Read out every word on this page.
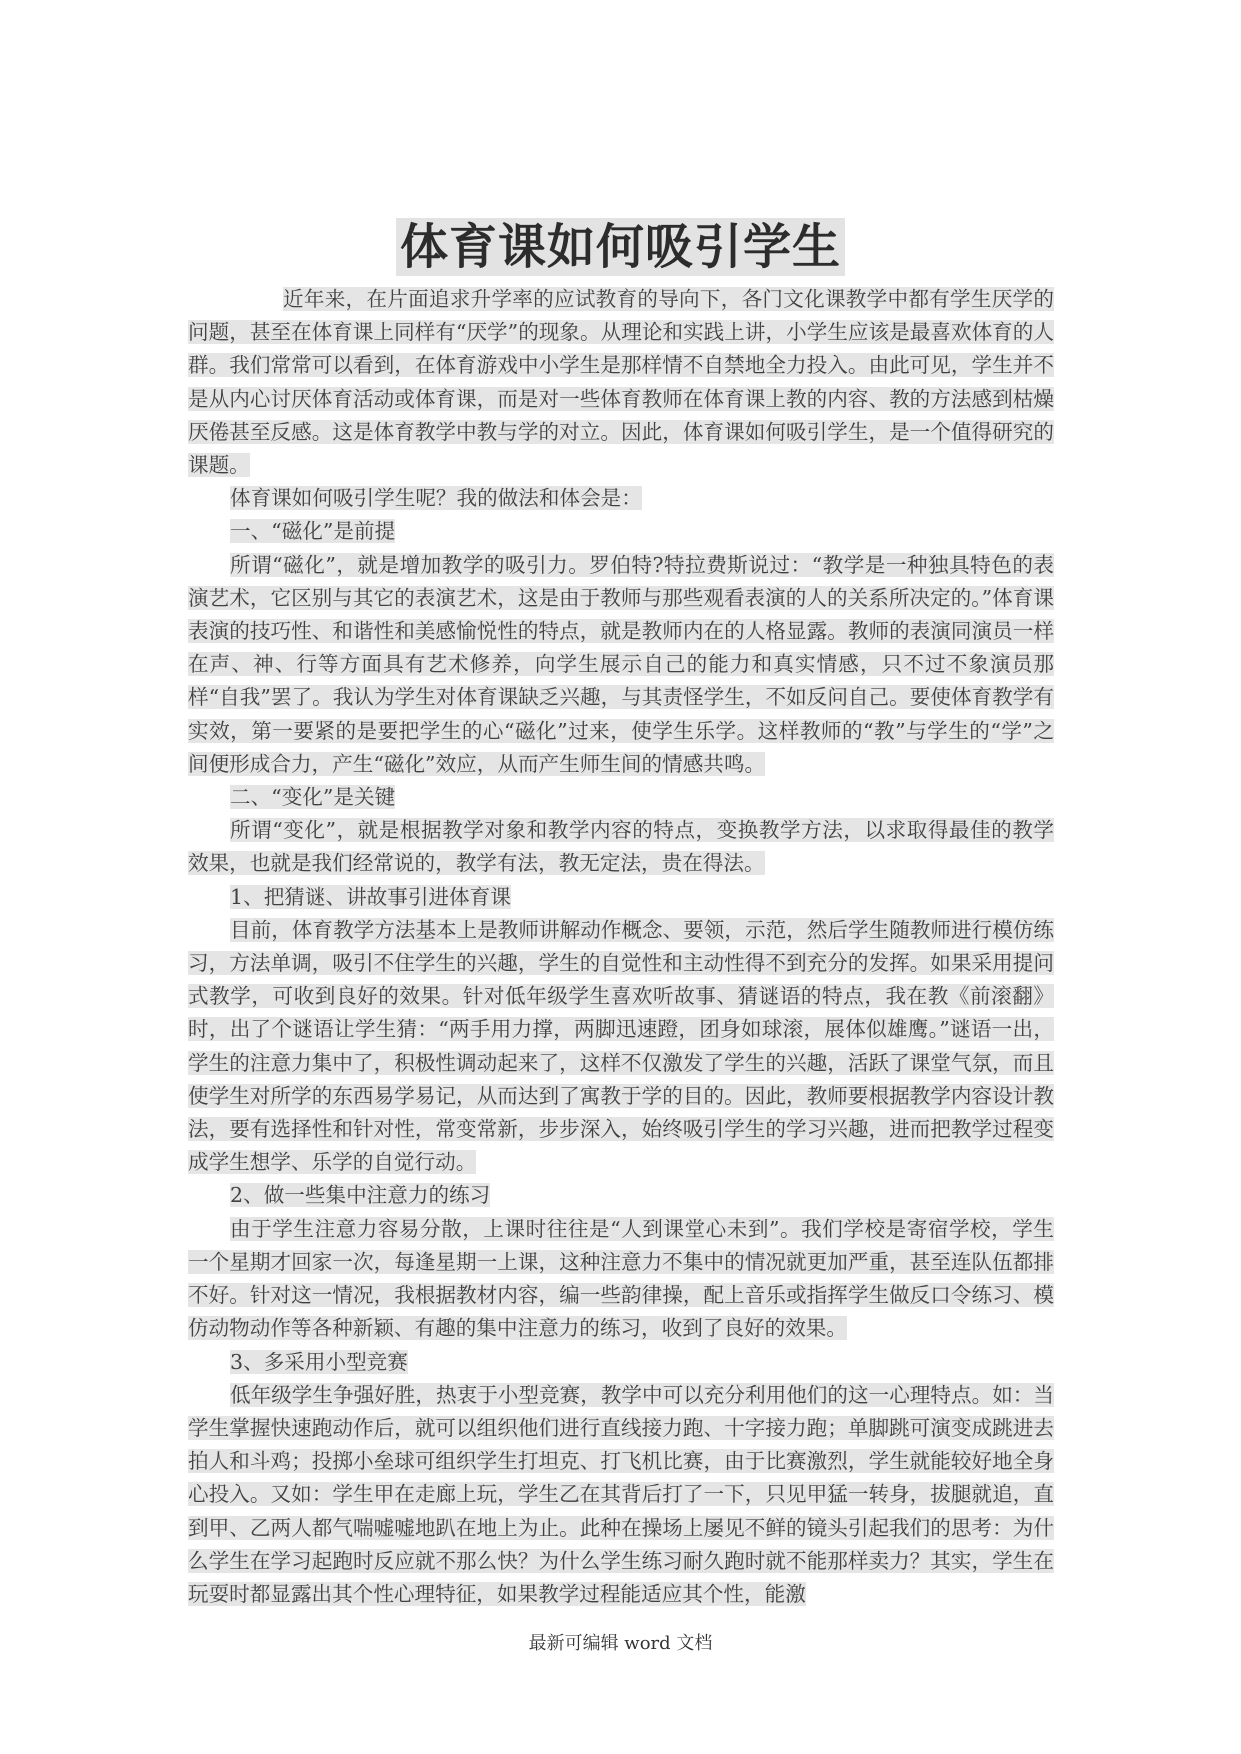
体育课如何吸引学生

近年来，在片面追求升学率的应试教育的导向下，各门文化课教学中都有学生厌学的问题，甚至在体育课上同样有“厌学”的现象。从理论和实践上讲，小学生应该是最喜欢体育的人群。我们常常可以看到，在体育游戏中小学生是那样情不自禁地全力投入。由此可见，学生并不是从内心讨厌体育活动或体育课，而是对一些体育教师在体育课上教的内容、教的方法感到枯燥厌倦甚至反感。这是体育教学中教与学的对立。因此，体育课如何吸引学生，是一个值得研究的课题。

体育课如何吸引学生呢？我的做法和体会是：

一、“磁化”是前提

所谓“磁化”，就是增加教学的吸引力。罗伯特?特拉费斯说过：“教学是一种独具特色的表演艺术，它区别与其它的表演艺术，这是由于教师与那些观看表演的人的关系所决定的。”体育课表演的技巧性、和谐性和美感愉悦性的特点，就是教师内在的人格显露。教师的表演同演员一样在声、神、行等方面具有艺术修养，向学生展示自己的能力和真实情感，只不过不象演员那样“自我”罢了。我认为学生对体育课缺乏兴趣，与其责怪学生，不如反问自己。要使体育教学有实效，第一要紧的是要把学生的心“磁化”过来，使学生乐学。这样教师的“教”与学生的“学”之间便形成合力，产生“磁化”效应，从而产生师生间的情感共鸣。

二、“变化”是关键

所谓“变化”，就是根据教学对象和教学内容的特点，变换教学方法，以求取得最佳的教学效果，也就是我们经常说的，教学有法，教无定法，贵在得法。

1、把猜谜、讲故事引进体育课

目前，体育教学方法基本上是教师讲解动作概念、要领，示范，然后学生随教师进行模仿练习，方法单调，吸引不住学生的兴趣，学生的自觉性和主动性得不到充分的发挥。如果采用提问式教学，可收到良好的效果。针对低年级学生喜欢听故事、猜谜语的特点，我在教《前滚翻》时，出了个谜语让学生猜：“两手用力撑，两脚迅速蹬，团身如球滚，展体似雄鹰。”谜语一出，学生的注意力集中了，积极性调动起来了，这样不仅激发了学生的兴趣，活跃了课堂气氛，而且使学生对所学的东西易学易记，从而达到了寓教于学的目的。因此，教师要根据教学内容设计教法，要有选择性和针对性，常变常新，步步深入，始终吸引学生的学习兴趣，进而把教学过程变成学生想学、乐学的自觉行动。

2、做一些集中注意力的练习

由于学生注意力容易分散，上课时往往是“人到课堂心未到”。我们学校是寄宿学校，学生一个星期才回家一次，每逢星期一上课，这种注意力不集中的情况就更加严重，甚至连队伍都排不好。针对这一情况，我根据教材内容，编一些韵律操，配上音乐或指挥学生做反口令练习、模仿动物动作等各种新颖、有趣的集中注意力的练习，收到了良好的效果。

3、多采用小型竞赛

低年级学生争强好胜，热衷于小型竞赛，教学中可以充分利用他们的这一心理特点。如：当学生掌握快速跑动作后，就可以组织他们进行直线接力跑、十字接力跑；单脚跳可演变成跳进去拍人和斗鸡；投掷小垒球可组织学生打坦克、打飞机比赛，由于比赛激烈，学生就能较好地全身心投入。又如：学生甲在走廊上玩，学生乙在其背后打了一下，只见甲猛一转身，拔腿就追，直到甲、乙两人都气喘嘘嘘地趴在地上为止。此种在操场上屡见不鲜的镜头引起我们的思考：为什么学生在学习起跑时反应就不那么快？为什么学生练习耐久跑时就不能那样卖力？其实，学生在玩耍时都显露出其个性心理特征，如果教学过程能适应其个性，能激

最新可编辑 word 文档
